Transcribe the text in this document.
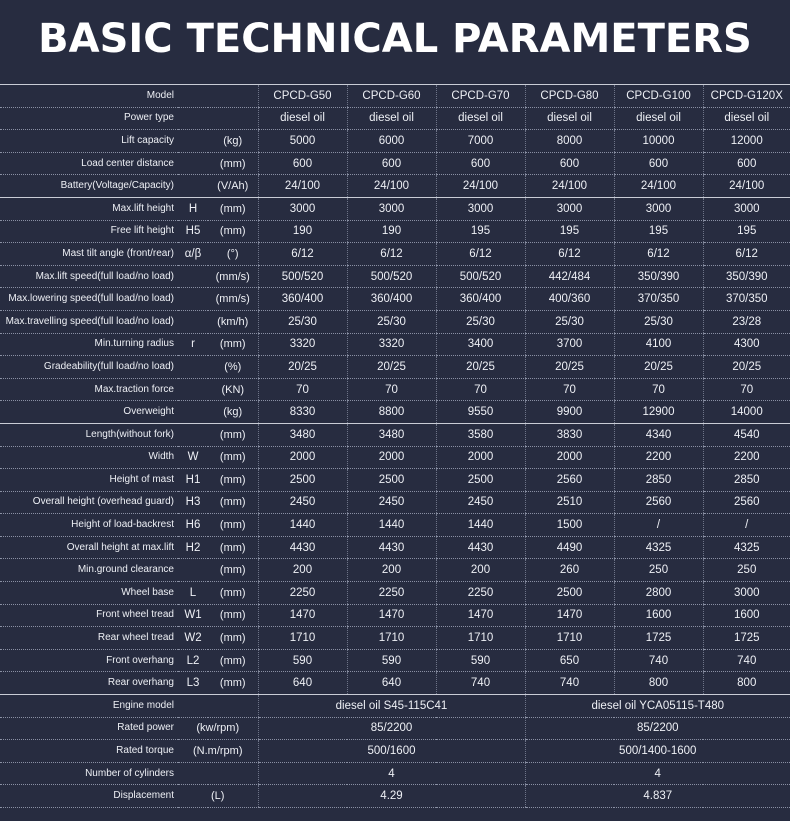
BASIC TECHNICAL PARAMETERS
Model			CPCD-G50	CPCD-G60	CPCD-G70	CPCD-G80	CPCD-G100	CPCD-G120X
Power type			diesel oil	diesel oil	diesel oil	diesel oil	diesel oil	diesel oil
Lift capacity		(kg)	5000	6000	7000	8000	10000	12000
Load center distance		(mm)	600	600	600	600	600	600
Battery(Voltage/Capacity)		(V/Ah)	24/100	24/100	24/100	24/100	24/100	24/100
Max.lift height	H	(mm)	3000	3000	3000	3000	3000	3000
Free lift height	H5	(mm)	190	190	195	195	195	195
Mast tilt angle (front/rear)	α/β	(°)	6/12	6/12	6/12	6/12	6/12	6/12
Max.lift speed(full load/no load)		(mm/s)	500/520	500/520	500/520	442/484	350/390	350/390
Max.lowering speed(full load/no load)		(mm/s)	360/400	360/400	360/400	400/360	370/350	370/350
Max.travelling speed(full load/no load)		(km/h)	25/30	25/30	25/30	25/30	25/30	23/28
Min.turning radius	r	(mm)	3320	3320	3400	3700	4100	4300
Gradeability(full load/no load)		(%)	20/25	20/25	20/25	20/25	20/25	20/25
Max.traction force		(KN)	70	70	70	70	70	70
Overweight		(kg)	8330	8800	9550	9900	12900	14000
Length(without fork)		(mm)	3480	3480	3580	3830	4340	4540
Width	W	(mm)	2000	2000	2000	2000	2200	2200
Height of mast	H1	(mm)	2500	2500	2500	2560	2850	2850
Overall height (overhead guard)	H3	(mm)	2450	2450	2450	2510	2560	2560
Height of load-backrest	H6	(mm)	1440	1440	1440	1500	/	/
Overall height at max.lift	H2	(mm)	4430	4430	4430	4490	4325	4325
Min.ground clearance		(mm)	200	200	200	260	250	250
Wheel base	L	(mm)	2250	2250	2250	2500	2800	3000
Front wheel tread	W1	(mm)	1470	1470	1470	1470	1600	1600
Rear wheel tread	W2	(mm)	1710	1710	1710	1710	1725	1725
Front overhang	L2	(mm)	590	590	590	650	740	740
Rear overhang	L3	(mm)	640	640	740	740	800	800
Engine model			diesel oil S45-115C41			diesel oil YCA05115-T480		
Rated power	(kw/rpm)		85/2200			85/2200		
Rated torque	(N.m/rpm)		500/1600			500/1400-1600		
Number of cylinders			4			4		
Displacement	(L)		4.29			4.837		
